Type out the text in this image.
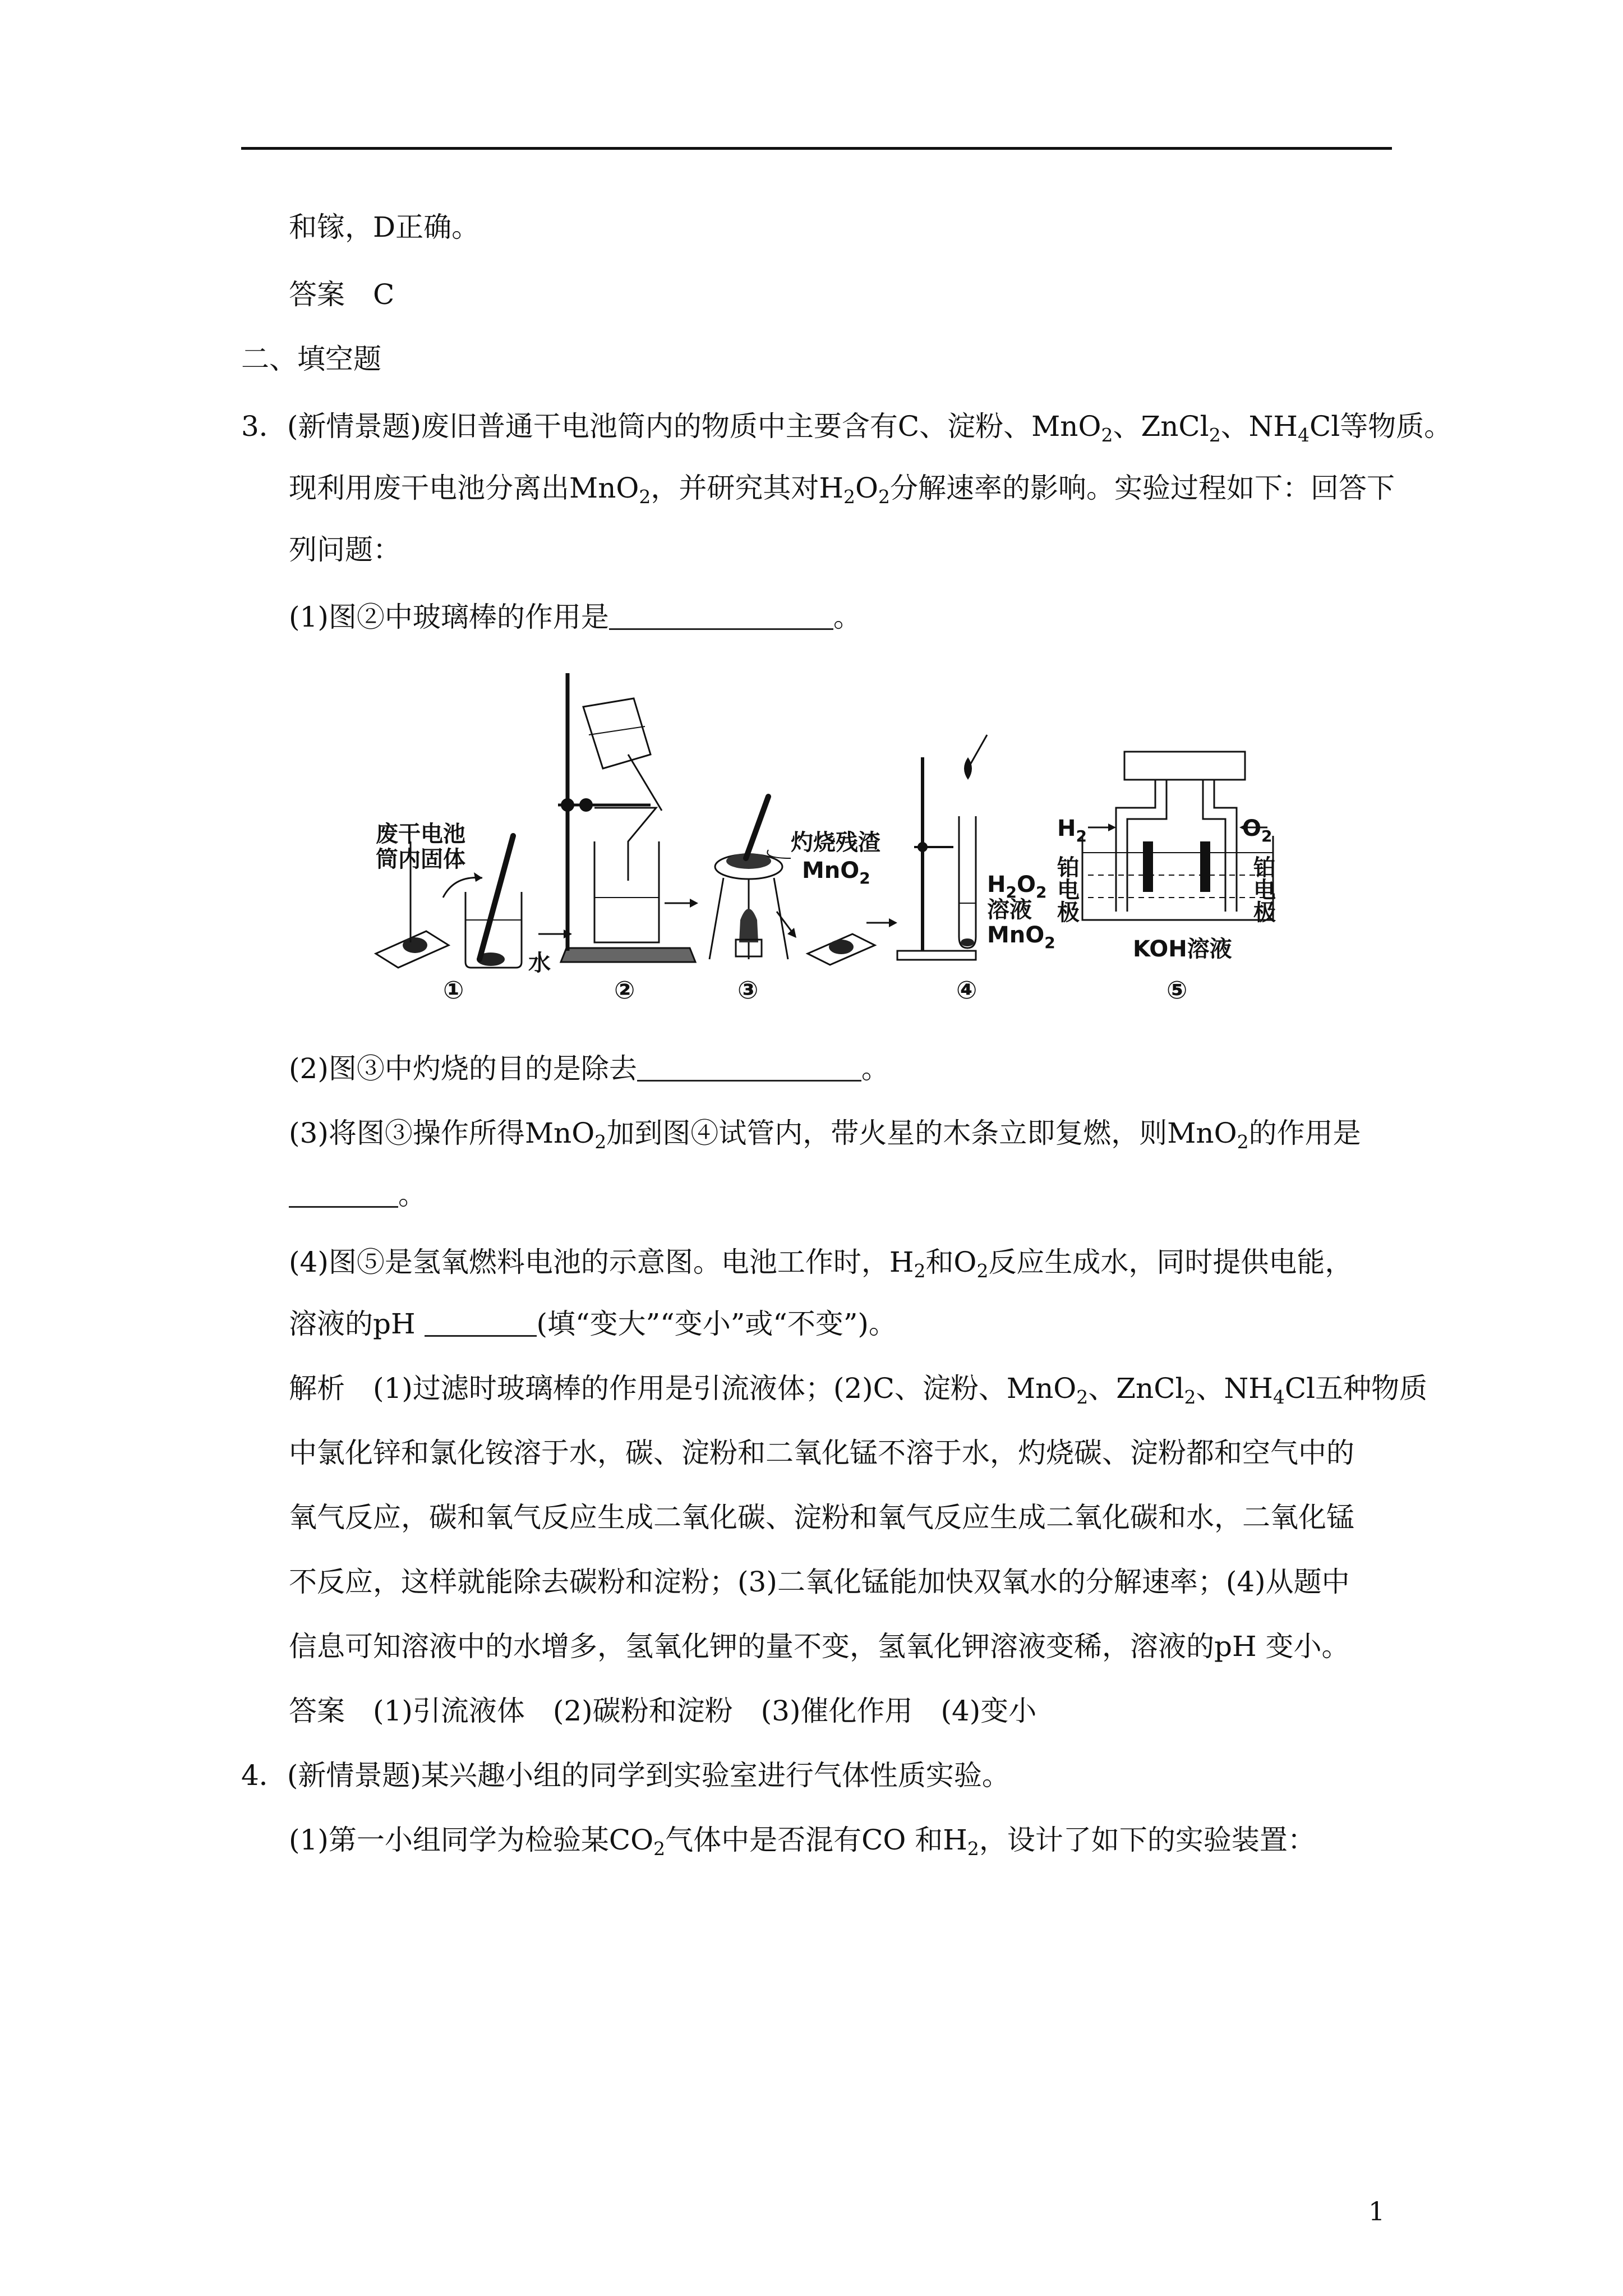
和镓，D正确。
答案　 C
二、填空题
3．(新情景题)废旧普通干电池筒内的物质中主要含有C、淀粉、MnO$_2$、ZnCl$_2$、$NH_4Cl$等物质。
现利用废干电池分离出MnO$_2$，并研究其对$H_2O_2$分解速率的影响。实验过程如下：回答下
列问题：
(1)图②中玻璃棒的作用是	。
废干电池
筒内固体
水
灼烧残渣
MnO$_2$	$H_2O_2$
溶液
MnO$_2$
$H_2$	$O_2$
铂
电
极
铂
电
极
KOH溶液
①	②	③	④	⑤
(2)图③中灼烧的目的是除去	。
(3)将图③操作所得MnO$_2$加到图④试管内，带火星的木条立即复燃，则MnO$_2$的作用是
。
(4)图⑤是氢氧燃料电池的示意图。电池工作时，$H_2$和$O_2$反应生成水，同时提供电能，
溶液的pH	(填“变大”“变小”或“不变”)。
解析　 (1)过滤时玻璃棒的作用是引流液体；(2)C、淀粉、MnO$_2$、ZnCl$_2$、$NH_4Cl$五种物质
中氯化锌和氯化铵溶于水，碳、淀粉和二氧化锰不溶于水，灼烧碳、淀粉都和空气中的
氧气反应，碳和氧气反应生成二氧化碳、淀粉和氧气反应生成二氧化碳和水，二氧化锰
不反应，这样就能除去碳粉和淀粉；(3)二氧化锰能加快双氧水的分解速率；(4)从题中
信息可知溶液中的水增多，氢氧化钾的量不变，氢氧化钾溶液变稀，溶液的pH 变小。
答案　 (1)引流液体　(2)碳粉和淀粉　(3)催化作用　(4)变小
4．(新情景题)某兴趣小组的同学到实验室进行气体性质实验。
(1)第一小组同学为检验某$CO_2$气体中是否混有CO 和$H_2$，设计了如下的实验装置：
1
